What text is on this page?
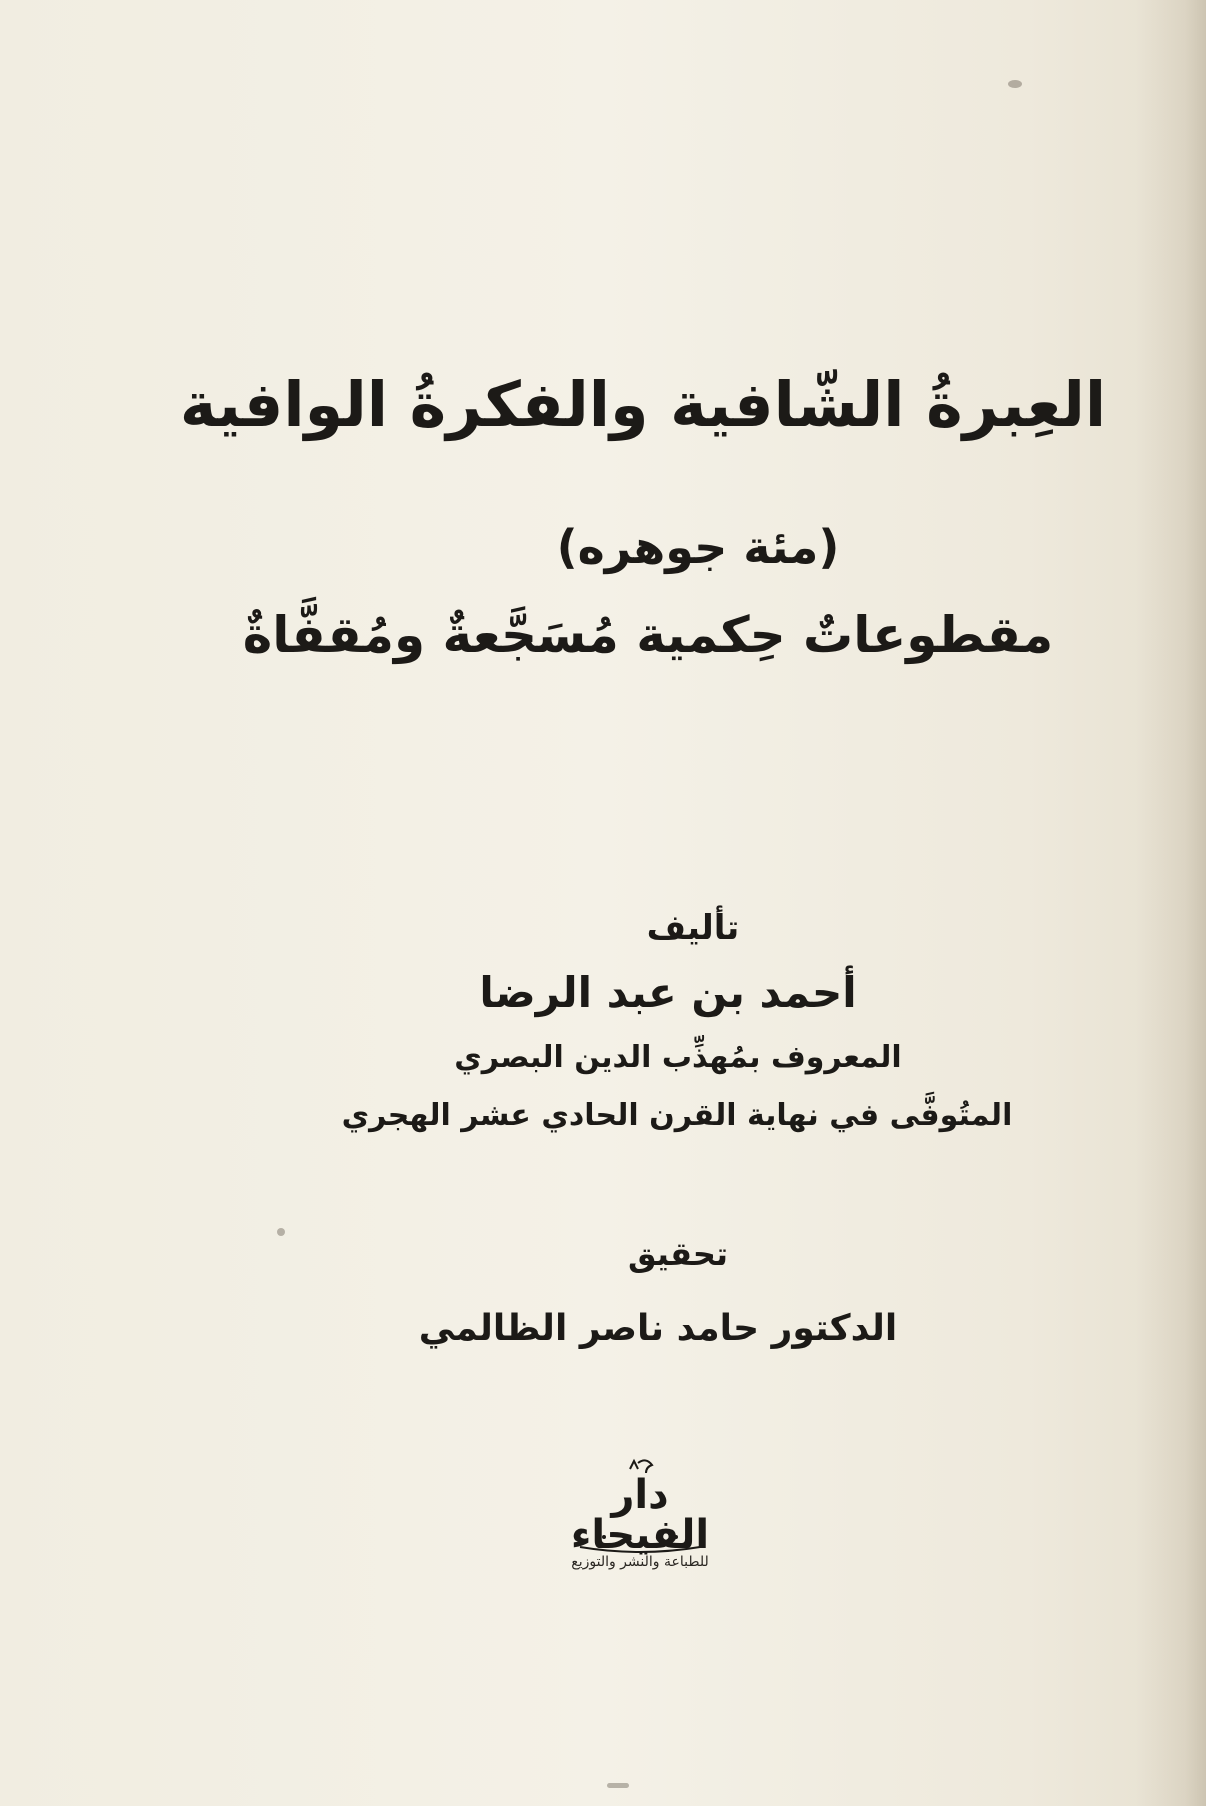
العِبرةُ الشّافية والفكرةُ الوافية
(مئة جوهره)
مقطوعاتٌ حِكمية مُسَجَّعةٌ ومُقفَّاةٌ
تأليف
أحمد بن عبد الرضا
المعروف بمُهذِّب الدين البصري
المتُوفَّى في نهاية القرن الحادي عشر الهجري
تحقيق
الدكتور حامد ناصر الظالمي
دار الفيحاء
للطباعة والنشر والتوزيع
